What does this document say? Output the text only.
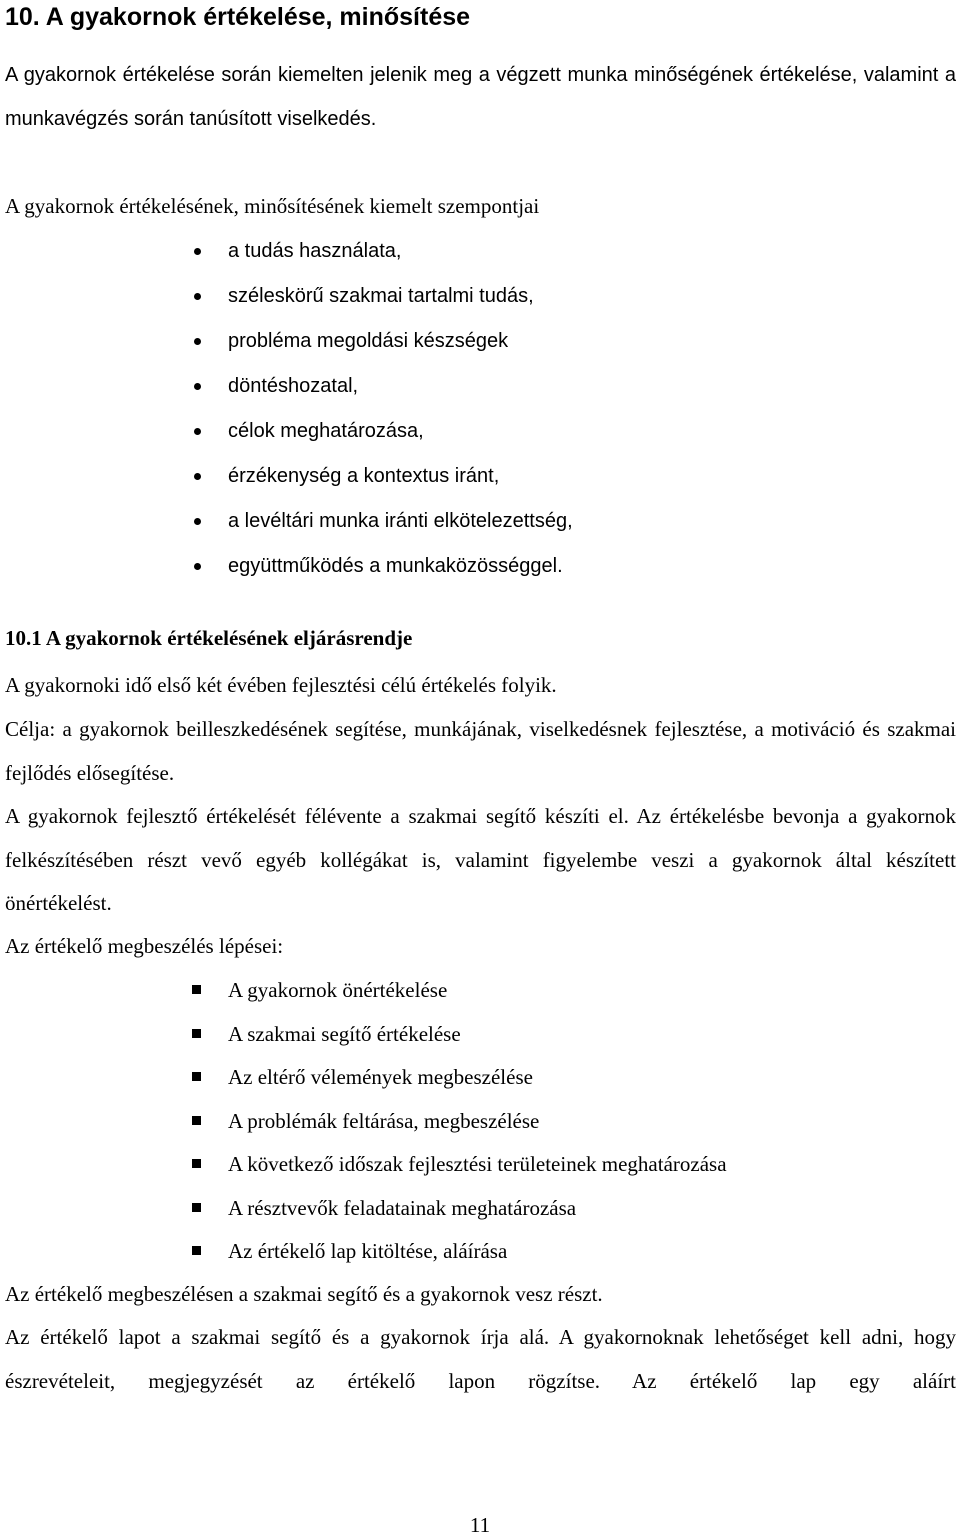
10. A gyakornok értékelése, minősítése

A gyakornok értékelése során kiemelten jelenik meg a végzett munka minőségének értékelése, valamint a munkavégzés során tanúsított viselkedés.

A gyakornok értékelésének, minősítésének kiemelt szempontjai

a tudás használata,
széleskörű szakmai tartalmi tudás,
probléma megoldási készségek
döntéshozatal,
célok meghatározása,
érzékenység a kontextus iránt,
a levéltári munka iránti elkötelezettség,
együttműködés a munkaközösséggel.
10.1 A gyakornok értékelésének eljárásrendje

A gyakornoki idő első két évében fejlesztési célú értékelés folyik.

Célja: a gyakornok beilleszkedésének segítése, munkájának, viselkedésnek fejlesztése, a motiváció és szakmai fejlődés elősegítése.

A gyakornok fejlesztő értékelését félévente a szakmai segítő készíti el. Az értékelésbe bevonja a gyakornok felkészítésében részt vevő egyéb kollégákat is, valamint figyelembe veszi a gyakornok által készített önértékelést.

Az értékelő megbeszélés lépései:

A gyakornok önértékelése
A szakmai segítő értékelése
Az eltérő vélemények megbeszélése
A problémák feltárása, megbeszélése
A következő időszak fejlesztési területeinek meghatározása
A résztvevők feladatainak meghatározása
Az értékelő lap kitöltése, aláírása

Az értékelő megbeszélésen a szakmai segítő és a gyakornok vesz részt.

Az értékelő lapot a szakmai segítő és a gyakornok írja alá. A gyakornoknak lehetőséget kell adni, hogy észrevételeit, megjegyzését az értékelő lapon rögzítse. Az értékelő lap egy aláírt

11
